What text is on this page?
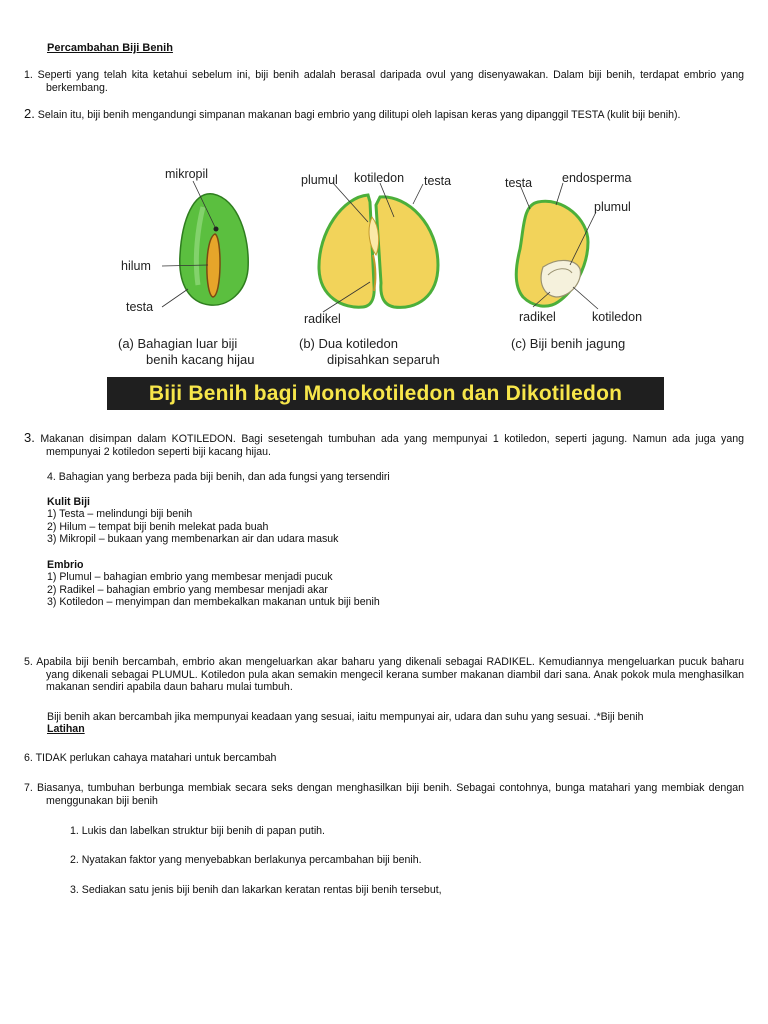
Percambahan Biji Benih
1. Seperti yang telah kita ketahui sebelum ini, biji benih adalah berasal daripada ovul yang disenyawakan. Dalam biji benih, terdapat embrio yang berkembang.
2. Selain itu, biji benih mengandungi simpanan makanan bagi embrio yang dilitupi oleh lapisan keras yang dipanggil TESTA (kulit biji benih).
mikropil
hilum
testa
plumul kotiledon testa
radikel
testa endosperma
plumul
radikel	kotiledon
(a) Bahagian luar biji
benih kacang hijau
(b) Dua kotiledon
dipisahkan separuh
(c) Biji benih jagung
Biji Benih bagi Monokotiledon dan Dikotiledon
3. Makanan disimpan dalam KOTILEDON. Bagi sesetengah tumbuhan ada yang mempunyai 1 kotiledon, seperti jagung. Namun ada juga yang mempunyai 2 kotiledon seperti biji kacang hijau.
4. Bahagian yang berbeza pada biji benih, dan ada fungsi yang tersendiri
Kulit Biji
1) Testa – melindungi biji benih
2) Hilum – tempat biji benih melekat pada buah
3) Mikropil – bukaan yang membenarkan air dan udara masuk
Embrio
1) Plumul – bahagian embrio yang membesar menjadi pucuk
2) Radikel – bahagian embrio yang membesar menjadi akar
3) Kotiledon – menyimpan dan membekalkan makanan untuk biji benih
5. Apabila biji benih bercambah, embrio akan mengeluarkan akar baharu yang dikenali sebagai RADIKEL. Kemudiannya mengeluarkan pucuk baharu yang dikenali sebagai PLUMUL. Kotiledon pula akan semakin mengecil kerana sumber makanan diambil dari sana. Anak pokok mula menghasilkan makanan sendiri apabila daun baharu mulai tumbuh.
Biji benih akan bercambah jika mempunyai keadaan yang sesuai, iaitu mempunyai air, udara dan suhu yang sesuai. .*Biji benih
Latihan
6. TIDAK perlukan cahaya matahari untuk bercambah
7. Biasanya, tumbuhan berbunga membiak secara seks dengan menghasilkan biji benih. Sebagai contohnya, bunga matahari yang membiak dengan menggunakan biji benih
1. Lukis dan labelkan struktur biji benih di papan putih.
2. Nyatakan faktor yang menyebabkan berlakunya percambahan biji benih.
3. Sediakan satu jenis biji benih dan lakarkan keratan rentas biji benih tersebut,
